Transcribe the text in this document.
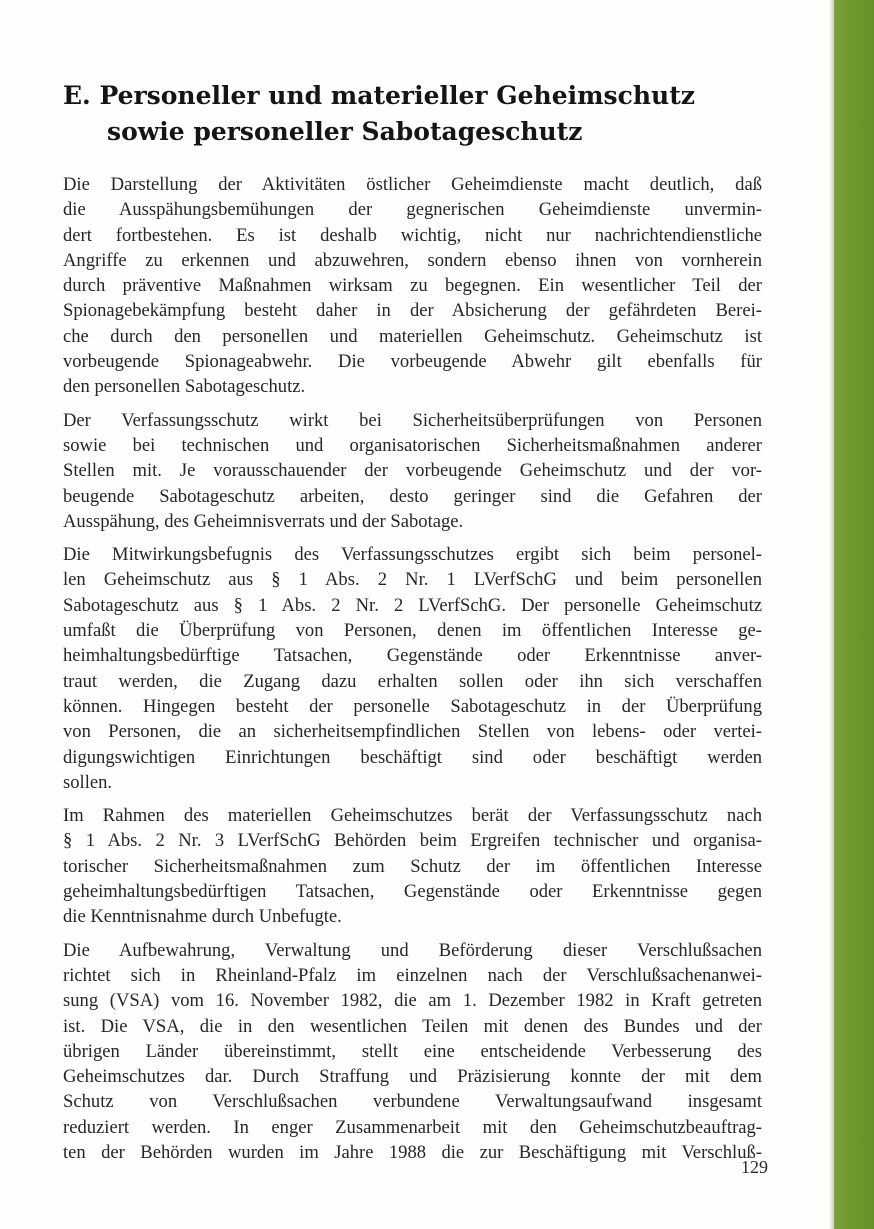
E. Personeller und materieller Geheimschutz
sowie personeller Sabotageschutz

Die Darstellung der Aktivitäten östlicher Geheimdienste macht deutlich, daß
die Ausspähungsbemühungen der gegnerischen Geheimdienste unvermin-
dert fortbestehen. Es ist deshalb wichtig, nicht nur nachrichtendienstliche
Angriffe zu erkennen und abzuwehren, sondern ebenso ihnen von vornherein
durch präventive Maßnahmen wirksam zu begegnen. Ein wesentlicher Teil der
Spionagebekämpfung besteht daher in der Absicherung der gefährdeten Berei-
che durch den personellen und materiellen Geheimschutz. Geheimschutz ist
vorbeugende Spionageabwehr. Die vorbeugende Abwehr gilt ebenfalls für
den personellen Sabotageschutz.

Der Verfassungsschutz wirkt bei Sicherheitsüberprüfungen von Personen
sowie bei technischen und organisatorischen Sicherheitsmaßnahmen anderer
Stellen mit. Je vorausschauender der vorbeugende Geheimschutz und der vor-
beugende Sabotageschutz arbeiten, desto geringer sind die Gefahren der
Ausspähung, des Geheimnisverrats und der Sabotage.

Die Mitwirkungsbefugnis des Verfassungsschutzes ergibt sich beim personel-
len Geheimschutz aus § 1 Abs. 2 Nr. 1 LVerfSchG und beim personellen
Sabotageschutz aus § 1 Abs. 2 Nr. 2 LVerfSchG. Der personelle Geheimschutz
umfaßt die Überprüfung von Personen, denen im öffentlichen Interesse ge-
heimhaltungsbedürftige Tatsachen, Gegenstände oder Erkenntnisse anver-
traut werden, die Zugang dazu erhalten sollen oder ihn sich verschaffen
können. Hingegen besteht der personelle Sabotageschutz in der Überprüfung
von Personen, die an sicherheitsempfindlichen Stellen von lebens- oder vertei-
digungswichtigen Einrichtungen beschäftigt sind oder beschäftigt werden
sollen.

Im Rahmen des materiellen Geheimschutzes berät der Verfassungsschutz nach
§ 1 Abs. 2 Nr. 3 LVerfSchG Behörden beim Ergreifen technischer und organisa-
torischer Sicherheitsmaßnahmen zum Schutz der im öffentlichen Interesse
geheimhaltungsbedürftigen Tatsachen, Gegenstände oder Erkenntnisse gegen
die Kenntnisnahme durch Unbefugte.

Die Aufbewahrung, Verwaltung und Beförderung dieser Verschlußsachen
richtet sich in Rheinland-Pfalz im einzelnen nach der Verschlußsachenanwei-
sung (VSA) vom 16. November 1982, die am 1. Dezember 1982 in Kraft getreten
ist. Die VSA, die in den wesentlichen Teilen mit denen des Bundes und der
übrigen Länder übereinstimmt, stellt eine entscheidende Verbesserung des
Geheimschutzes dar. Durch Straffung und Präzisierung konnte der mit dem
Schutz von Verschlußsachen verbundene Verwaltungsaufwand insgesamt
reduziert werden. In enger Zusammenarbeit mit den Geheimschutzbeauftrag-
ten der Behörden wurden im Jahre 1988 die zur Beschäftigung mit Verschluß-

129
